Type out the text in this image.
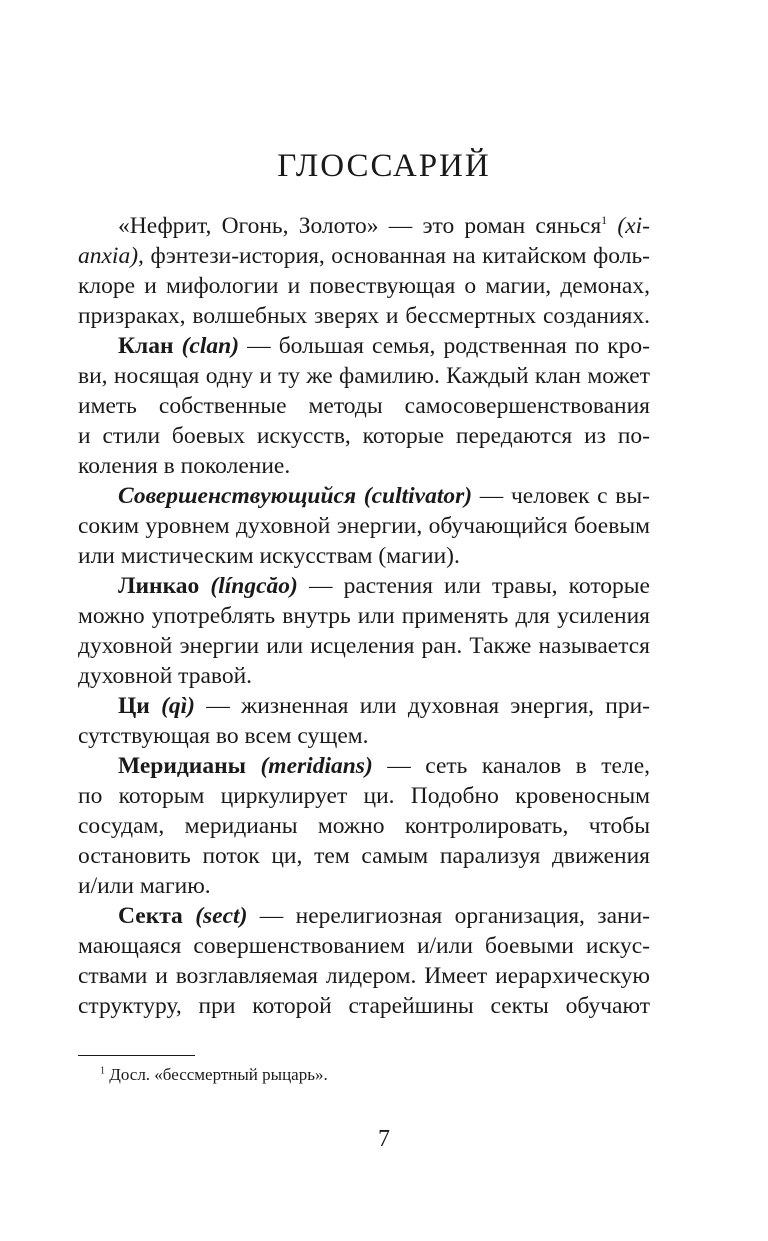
ГЛОССАРИЙ
«Нефрит, Огонь, Золото» — это роман сянься$^1$ (xi-
anxia), фэнтези-история, основанная на китайском фоль-
клоре и мифологии и повествующая о магии, демонах,
призраках, волшебных зверях и бессмертных созданиях.
Клан (clan) — большая семья, родственная по кро-
ви, носящая одну и ту же фамилию. Каждый клан может
иметь собственные методы самосовершенствования
и стили боевых искусств, которые передаются из по-
коления в поколение.
Совершенствующийся (cultivator) — человек с вы-
соким уровнем духовной энергии, обучающийся боевым
или мистическим искусствам (магии).
Линкао (língcăo) — растения или травы, которые
можно употреблять внутрь или применять для усиления
духовной энергии или исцеления ран. Также называется
духовной травой.
Ци (qì) — жизненная или духовная энергия, при-
сутствующая во всем сущем.
Меридианы (meridians) — сеть каналов в теле,
по которым циркулирует ци. Подобно кровеносным
сосудам, меридианы можно контролировать, чтобы
остановить поток ци, тем самым парализуя движения
и/или магию.
Секта (sect) — нерелигиозная организация, зани-
мающаяся совершенствованием и/или боевыми искус-
ствами и возглавляемая лидером. Имеет иерархическую
структуру, при которой старейшины секты обучают
$^1$ Досл. «бессмертный рыцарь».
7
